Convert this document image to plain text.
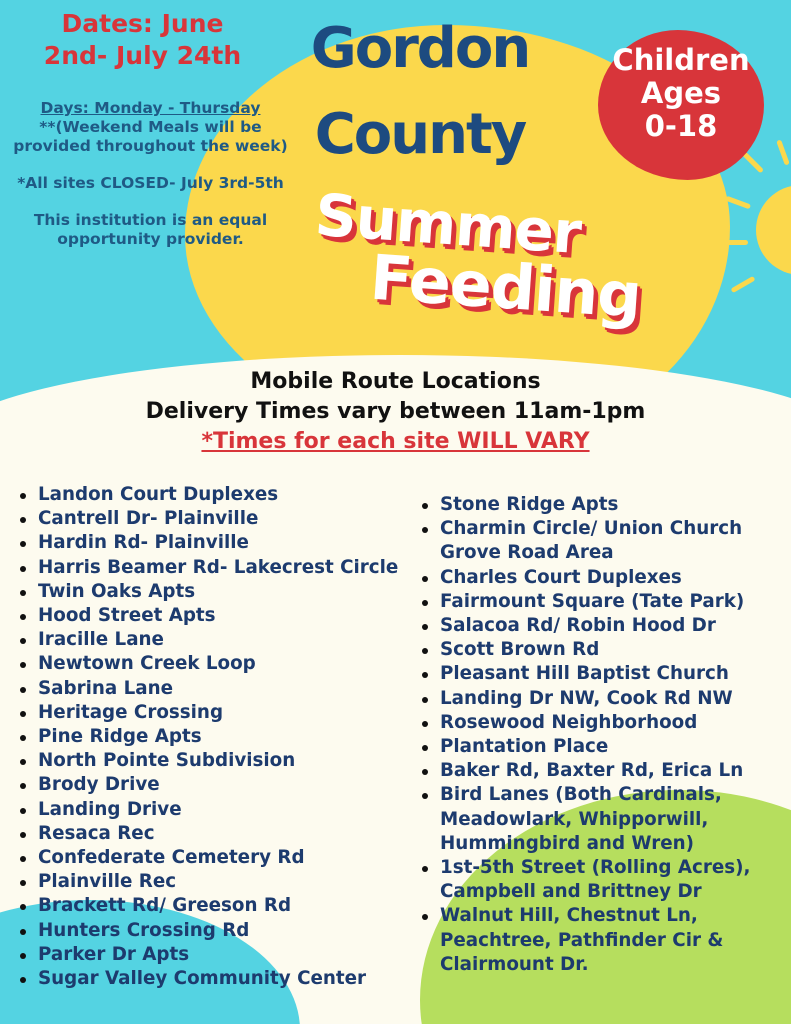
Dates: June
2nd- July 24th
Days: Monday - Thursday

**(Weekend Meals will be provided throughout the week)

*All sites CLOSED- July 3rd-5th

This institution is an equal opportunity provider.

Gordon
County
Summer
Feeding
Children
Ages
0-18
Mobile Route Locations
Delivery Times vary between 11am-1pm
*Times for each site WILL VARY
Landon Court Duplexes
Cantrell Dr- Plainville
Hardin Rd- Plainville
Harris Beamer Rd- Lakecrest Circle
Twin Oaks Apts
Hood Street Apts
Iracille Lane
Newtown Creek Loop
Sabrina Lane
Heritage Crossing
Pine Ridge Apts
North Pointe Subdivision
Brody Drive
Landing Drive
Resaca Rec
Confederate Cemetery Rd
Plainville Rec
Brackett Rd/ Greeson Rd
Hunters Crossing Rd
Parker Dr Apts
Sugar Valley Community Center
Stone Ridge Apts
Charmin Circle/ Union Church
Grove Road Area
Charles Court Duplexes
Fairmount Square (Tate Park)
Salacoa Rd/ Robin Hood Dr
Scott Brown Rd
Pleasant Hill Baptist Church
Landing Dr NW, Cook Rd NW
Rosewood Neighborhood
Plantation Place
Baker Rd, Baxter Rd, Erica Ln
Bird Lanes (Both Cardinals,
Meadowlark, Whipporwill,
Hummingbird and Wren)
1st-5th Street (Rolling Acres),
Campbell and Brittney Dr
Walnut Hill, Chestnut Ln,
Peachtree, Pathfinder Cir &
Clairmount Dr.
